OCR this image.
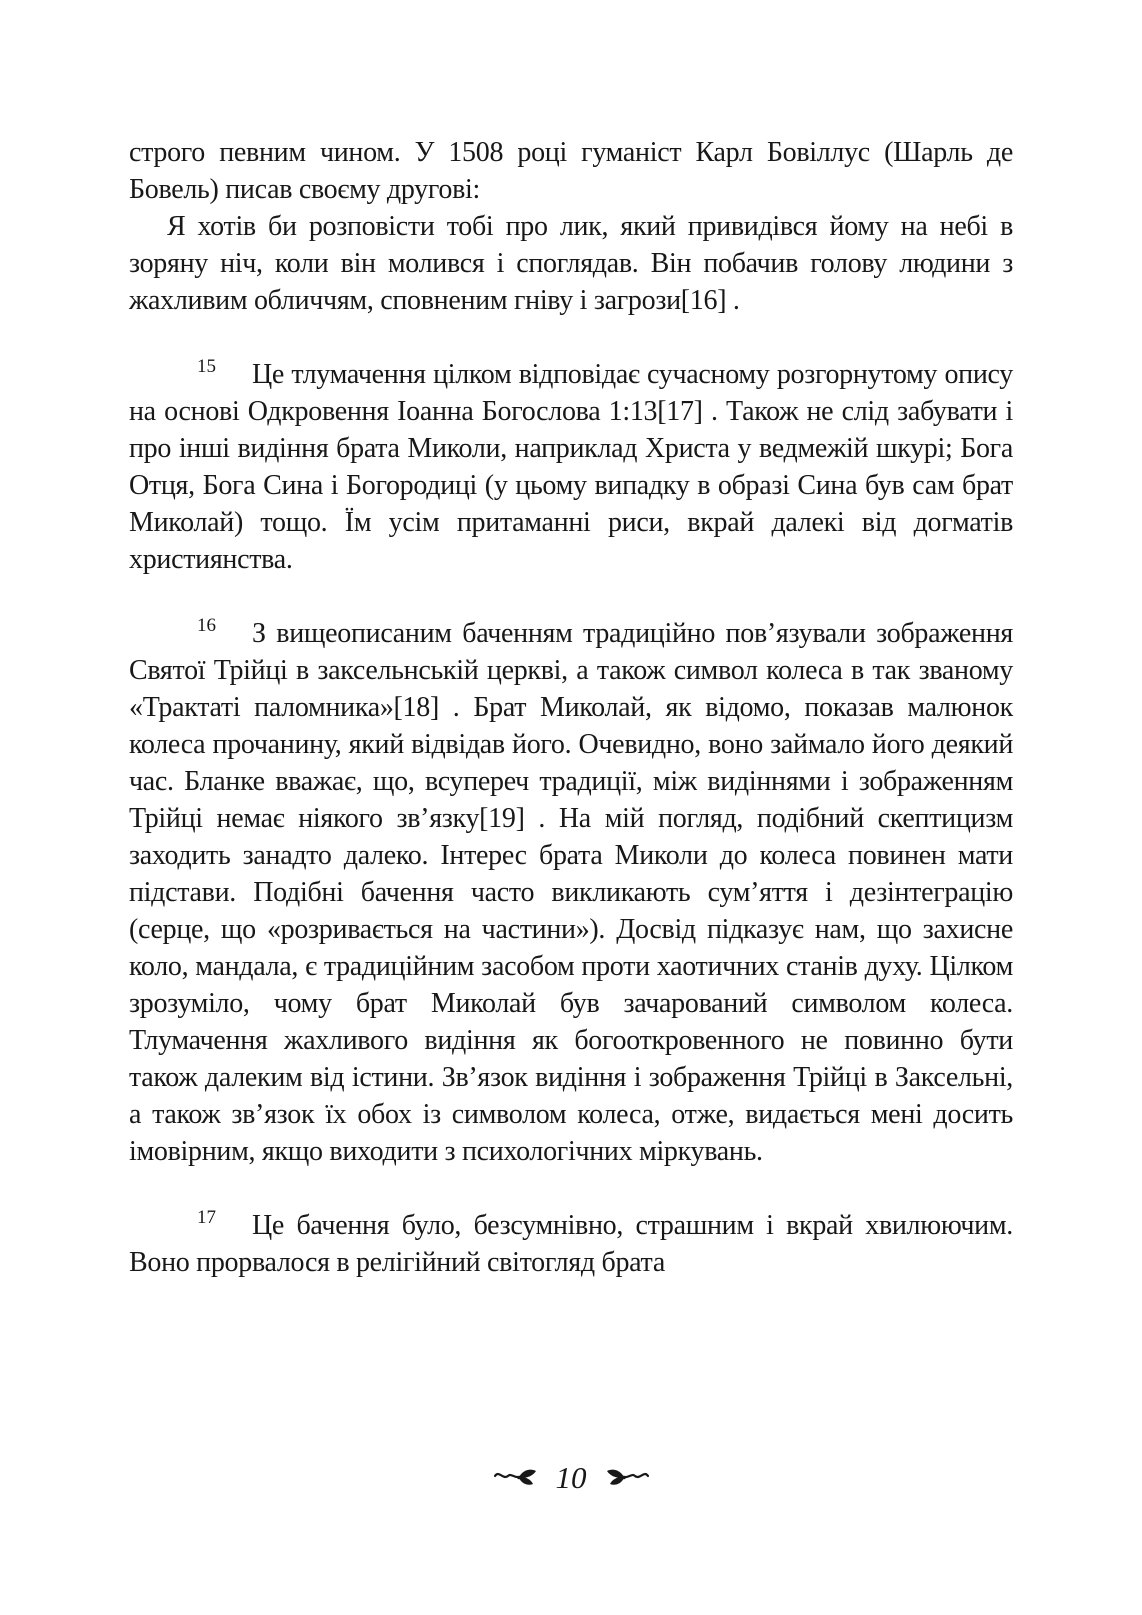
строго певним чином. У 1508 році гуманіст Карл Бовіллус (Шарль де Бовель) писав своєму другові:

Я хотів би розповісти тобі про лик, який привидівся йому на небі в зоряну ніч, коли він молився і споглядав. Він побачив голову людини з жахливим обличчям, сповненим гніву і загрози[16] .

$^{15}$ Це тлумачення цілком відповідає сучасному розгорнутому опису на основі Одкровення Іоанна Богослова 1:13[17] . Також не слід забувати і про інші видіння брата Миколи, наприклад Христа у ведмежій шкурі; Бога Отця, Бога Сина і Богородиці (у цьому випадку в образі Сина був сам брат Миколай) тощо. Їм усім притаманні риси, вкрай далекі від догматів християнства.

$^{16}$ З вищеописаним баченням традиційно пов’язували зображення Святої Трійці в заксельнській церкві, а також символ колеса в так званому «Трактаті паломника»[18] . Брат Миколай, як відомо, показав малюнок колеса прочанину, який відвідав його. Очевидно, воно займало його деякий час. Бланке вважає, що, всупереч традиції, між видіннями і зображенням Трійці немає ніякого зв’язку[19] . На мій погляд, подібний скептицизм заходить занадто далеко. Інтерес брата Миколи до колеса повинен мати підстави. Подібні бачення часто викликають сум’яття і дезінтеграцію (серце, що «розривається на частини»). Досвід підказує нам, що захисне коло, мандала, є традиційним засобом проти хаотичних станів духу. Цілком зрозуміло, чому брат Миколай був зачарований символом колеса. Тлумачення жахливого видіння як богооткровенного не повинно бути також далеким від істини. Зв’язок видіння і зображення Трійці в Заксельні, а також зв’язок їх обох із символом колеса, отже, видається мені досить імовірним, якщо виходити з психологічних міркувань.

$^{17}$ Це бачення було, безсумнівно, страшним і вкрай хвилюючим. Воно прорвалося в релігійний світогляд брата

10
